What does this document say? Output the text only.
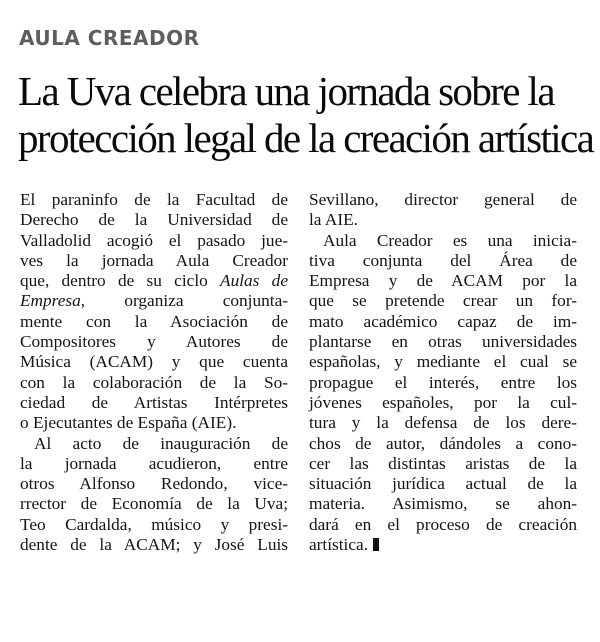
AULA CREADOR
La Uva celebra una jornada sobre la
protección legal de la creación artística
El paraninfo de la Facultad de
Derecho de la Universidad de
Valladolid acogió el pasado jue-
ves la jornada Aula Creador
que, dentro de su ciclo Aulas de
Empresa, organiza conjunta-
mente con la Asociación de
Compositores y Autores de
Música (ACAM) y que cuenta
con la colaboración de la So-
ciedad de Artistas Intérpretes
o Ejecutantes de España (AIE).
Al acto de inauguración de
la jornada acudieron, entre
otros Alfonso Redondo, vice-
rrector de Economía de la Uva;
Teo Cardalda, músico y presi-
dente de la ACAM; y José Luis
Sevillano, director general de
la AIE.
Aula Creador es una inicia-
tiva conjunta del Área de
Empresa y de ACAM por la
que se pretende crear un for-
mato académico capaz de im-
plantarse en otras universidades
españolas, y mediante el cual se
propague el interés, entre los
jóvenes españoles, por la cul-
tura y la defensa de los dere-
chos de autor, dándoles a cono-
cer las distintas aristas de la
situación jurídica actual de la
materia. Asimismo, se ahon-
dará en el proceso de creación
artística.
